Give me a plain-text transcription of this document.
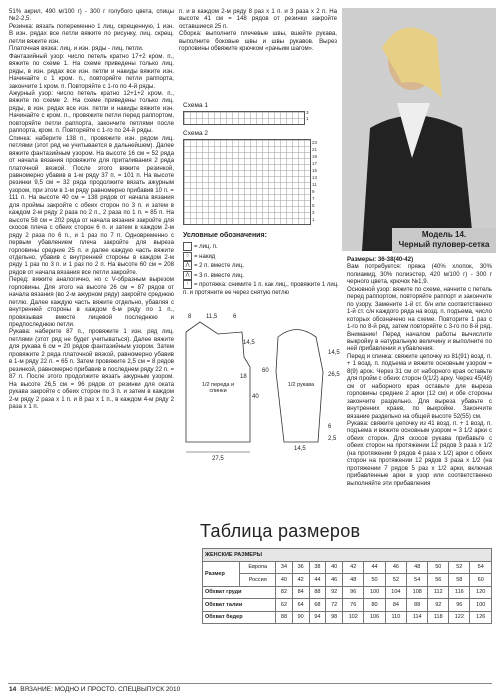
51% акрил, 490 м/100 г) - 300 г голубого цвета, спицы №2-2,5.

Резинка: вязать попеременно 1 лиц. скрещенную, 1 изн. В изн. рядах все петли вяжите по рисунку, лиц. скрещ. петли вяжите изн.

Платочная вязка: лиц. и изн. ряды - лиц. петли.

Фантазийный узор: число петель кратно 17+2 кром. п., вяжите по схеме 1. На схеме приведены только лиц. ряды, в изн. рядах все изн. петли и накиды вяжите изн. Начинайте с 1 кром. п., повторяйте петли раппорта, закончите 1 кром. п. Повторяйте с 1-го по 4-й ряды.

Ажурный узор: число петель кратно 12+1+2 кром. п., вяжите по схеме 2. На схеме приведены только лиц. ряды, в изн. рядах все изн. петли и накиды вяжите изн. Начинайте с кром. п., провяжите петли перед раппортом, повторяйте петли раппорта, закончите петлями после раппорта, кром. п. Повторяйте с 1-го по 24-й ряды.

Спинка: наберите 138 п., провяжите изн. рядом лиц. петлями (этот ряд не учитывается в дальнейшем). Далее вяжите фантазийным узором. На высоте 16 см = 52 ряда от начала вязания провяжите для приталивания 2 ряда платочной вязкой. После этого вяжите резинкой, равномерно убавив в 1-м ряду 37 п. = 101 п. На высоте резинки 9,5 см = 32 ряда продолжите вязать ажурным узором, при этом в 1-м ряду равномерно прибавив 10 п. = 111 п. На высоте 40 см = 138 рядов от начала вязания для проймы закройте с обеих сторон по 3 п. и затем в каждом 2-м ряду 2 раза по 2 п., 2 раза по 1 п. = 85 п. На высоте 58 см = 202 ряда от начала вязания закройте для скосов плеча с обеих сторон 6 п. и затем в каждом 2-м ряду 2 раза по 6 п., и 1 раз по 7 п. Одновременно с первым убавлением плеча закройте для выреза горловины средние 25 п. и далее каждую часть вяжите отдельно, убавив с внутренней стороны в каждом 2-м ряду 1 раз по 3 п. и 1 раз по 2 п. На высоте 60 см = 208 рядов от начала вязания все петли закройте.

Перед: вяжите аналогично, но с V-образным вырезом горловины. Для этого на высоте 26 см = 87 рядов от начала вязания (во 2-м ажурном ряду) закройте среднюю петлю. Далее каждую часть вяжите отдельно, убавляя с внутренней стороны в каждом 6-м ряду по 1 п., провязывая вместе лицевой последнюю и предпоследнюю петли.

Рукава: наберите 87 п., провяжите 1 изн. ряд лиц. петлями (этот ряд не будет учитываться). Далее вяжите для рукава 6 см = 20 рядов фантазийным узором. Затем провяжите 2 ряда платочной вязкой, равномерно убавив в 1-м ряду 22 п. = 65 п. Затем провяжите 2,5 см = 8 рядов резинкой, равномерно прибавив в последнем ряду 22 п. = 87 п. После этого продолжите вязать ажурным узором. На высоте 26,5 см = 96 рядов от резинки для оката рукава закройте с обеих сторон по 3 п. и затем в каждом 2-м ряду 2 раза х 1 п. и 8 раз х 1 п., в каждом 4-м ряду 2 раза х 1 п.

п. и в каждом 2-м ряду 8 раз х 1 п. и 3 раза х 2 п. На высоте 41 см = 148 рядов от резинки закройте оставшиеся 25 п.

Сборка: выполните плечевые швы, вшейте рукава, выполните боковые швы и швы рукавов. Вырез горловины обвяжите крючком «рачьим шагом».

Схема 1
3
1
Схема 2
23
21
19
17
15
13
11
9
7
5
3
1
Условные обозначения:
= лиц. п.
○ = накид
⋀ = 2 п. вместе лиц.
⋀ = 3 п. вместе лиц.
↑ = протяжка: снимите 1 п. как лиц., провяжите 1 лиц. п. и протяните ее через снятую петлю
Модель 14.
Черный пуловер-сетка
8 11,5	6
14,5
18
40
60
26,5
14,5
1/2 переда и спинки
1/2 рукава
27,5
14,5
6
2,5

Размеры: 36-38(40-42)

Вам потребуется: пряжа (40% хлопок, 30% полиамид, 30% полиэстер, 420 м/100 г) - 300 г черного цвета, крючок №1,9.

Основной узор: вяжите по схеме, начните с петель перед раппортом, повторяйте раппорт и закончите по узору. Замените 1-й ст. б/н или соответственно 1-й ст. с/н каждого ряда на возд. п. подъема, число которых обозначено на схеме. Повторите 1 раз с 1-го по 8-й ряд, затем повторяйте с 3-го по 8-й ряд.

Внимание! Перед началом работы вычислите выкройку в натуральную величину и выполните по ней прибавления и убавления.

Перед и спинка: свяжите цепочку из 81(91) возд. п. + 1 возд. п. подъема и вяжите основным узором = 8(9) арок. Через 31 см от наборного края оставьте для пройм с обеих сторон 0(1/2) арку. Через 45(48) см от наборного края оставьте для выреза горловины средние 2 арки (12 см) и обе стороны закончите раздельно. Для выреза убавьте с внутренних краев, по выкройке. Закончите вязание раздельно на общей высоте 52(55) см.

Рукава: свяжите цепочку из 41 возд. п. + 1 возд. п. подъема и вяжите основным узором = 3 1/2 арки с обеих сторон. Для скосов рукава прибавьте с обеих сторон на протяжении 12 рядов 3 раза x 1/2 (на протяжении 9 рядов 4 раза x 1/2) арки с обеих сторон на протяжении 12 рядов 3 раза x 1/2 (на протяжении 7 рядов 5 раз x 1/2 арки, включая прибавленные арки в узор или соответственно выполняйте эти прибавления

Таблица размеров
ЖЕНСКИЕ РАЗМЕРЫ												
Размер	Европа	34	36	38	40	42	44	46	48	50	52	54
	Россия	40	42	44	46	48	50	52	54	56	58	60
Обхват груди		82	84	88	92	96	100	104	108	112	116	120
Обхват талии		62	64	68	72	76	80	84	88	92	96	100
Обхват бедер		88	90	94	98	102	106	110	114	118	122	126
14 ВЯЗАНИЕ: МОДНО И ПРОСТО. СПЕЦВЫПУСК 2010
